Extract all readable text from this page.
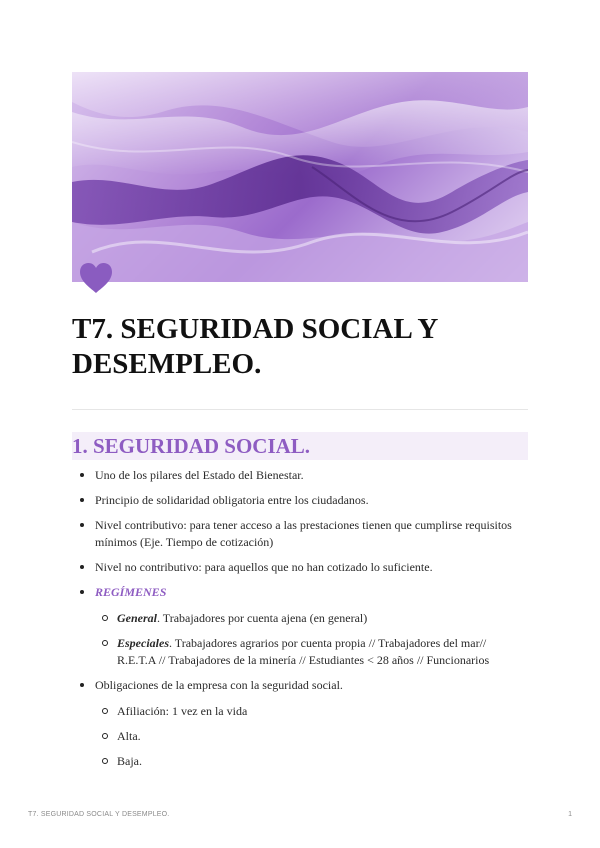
T7. SEGURIDAD SOCIAL Y DESEMPLEO.
1. SEGURIDAD SOCIAL.
Uno de los pilares del Estado del Bienestar.
Principio de solidaridad obligatoria entre los ciudadanos.
Nivel contributivo: para tener acceso a las prestaciones tienen que cumplirse requisitos mínimos (Eje. Tiempo de cotización)
Nivel no contributivo: para aquellos que no han cotizado lo suficiente.
REGÍMENES
General. Trabajadores por cuenta ajena (en general)
Especiales. Trabajadores agrarios por cuenta propia // Trabajadores del mar// R.E.T.A // Trabajadores de la minería // Estudiantes < 28 años // Funcionarios
Obligaciones de la empresa con la seguridad social.
Afiliación: 1 vez en la vida
Alta.
Baja.
T7. SEGURIDAD SOCIAL Y DESEMPLEO.	1
